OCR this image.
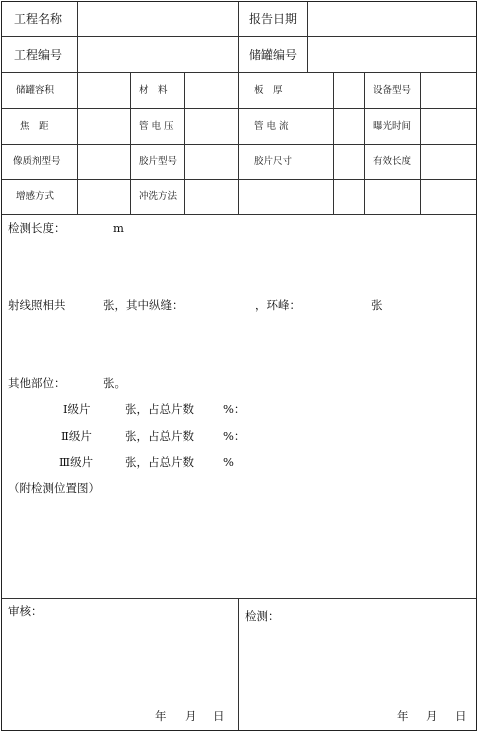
工程名称	报告日期
工程编号	储罐编号
储罐容积	材　料	板　厚	设备型号
焦　距	管 电 压	管 电 流	曝光时间
像质剂型号	胶片型号	胶片尺寸	有效长度
增感方式	冲洗方法
检测长度：	m
射线照相共	张，其中纵缝：	，环峰：	张
其他部位：	张。
Ⅰ级片	张，占总片数	%：
Ⅱ级片	张，占总片数	%：
Ⅲ级片	张，占总片数	%
（附检测位置图）
审核：	检测：
年 月 日	年 月 日
